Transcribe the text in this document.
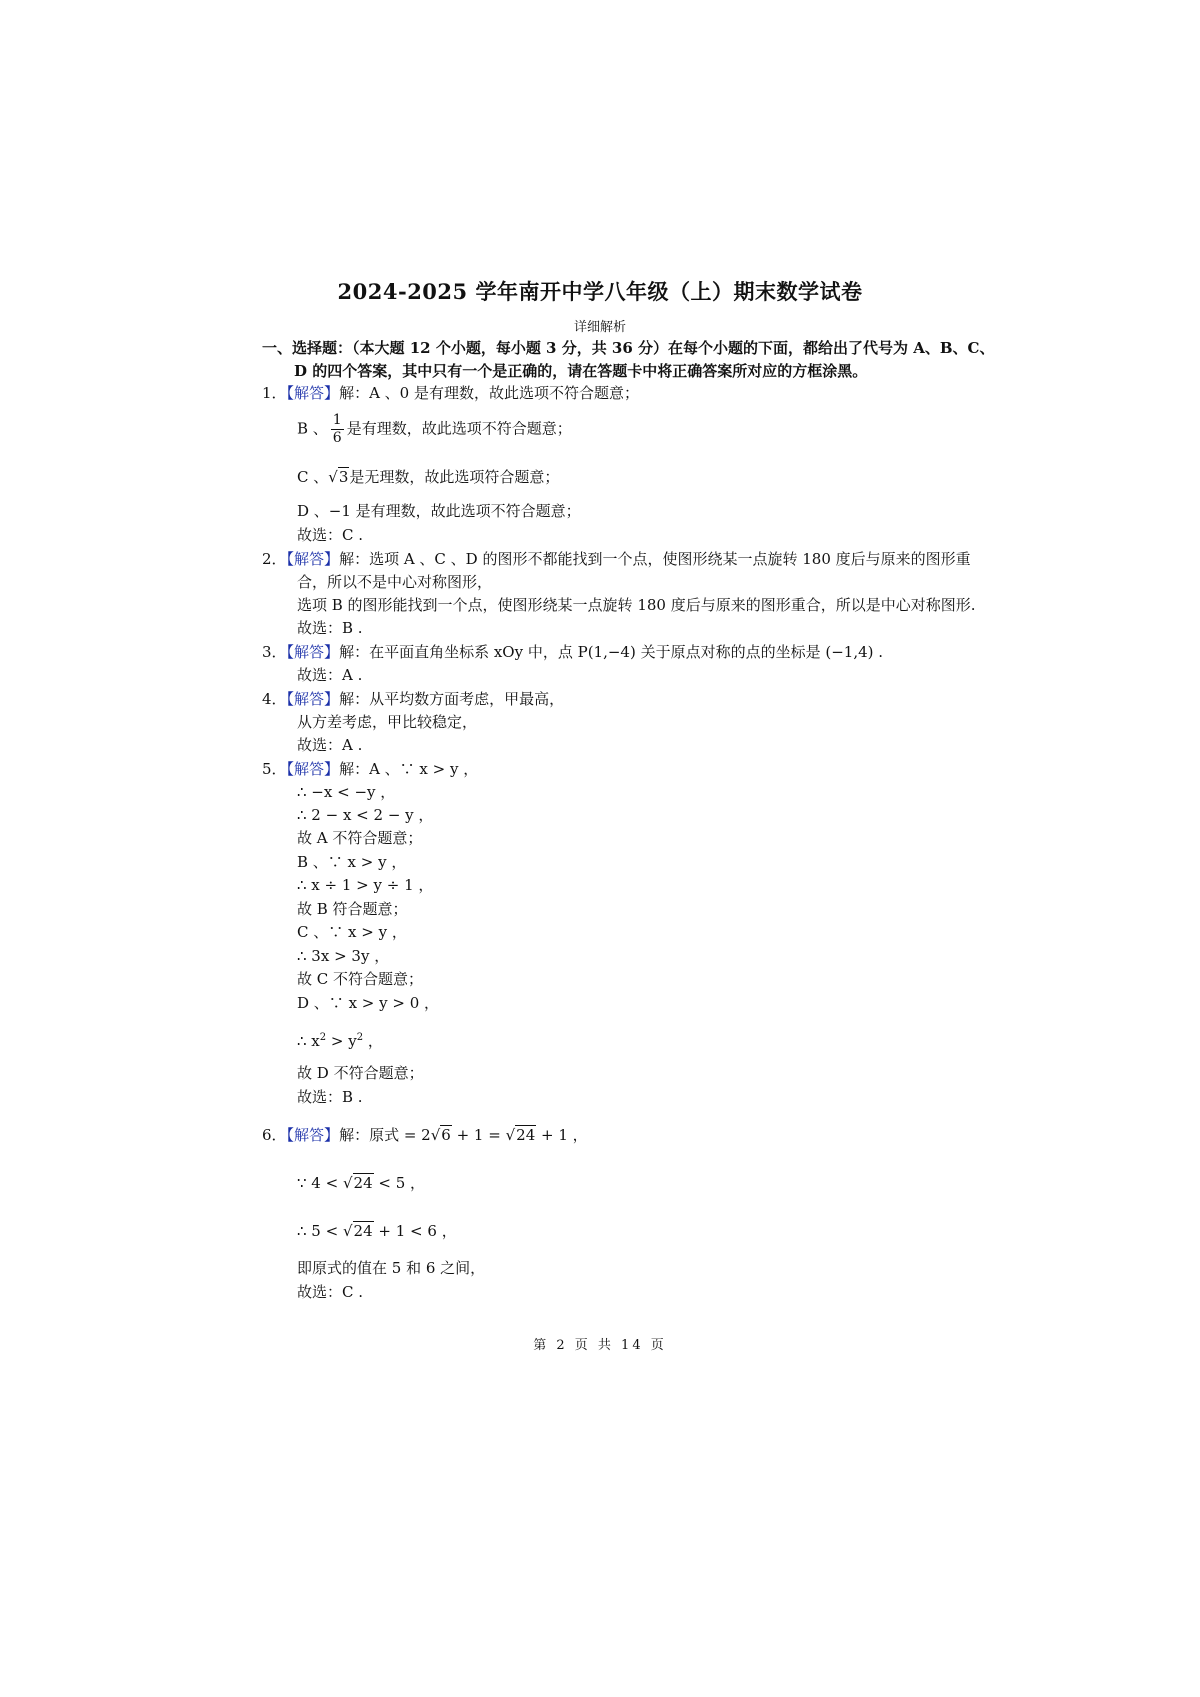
2024-2025 学年南开中学八年级（上）期末数学试卷
详细解析
一、选择题：（本大题 12 个小题，每小题 3 分，共 36 分）在每个小题的下面，都给出了代号为 A、B、C、
D 的四个答案，其中只有一个是正确的，请在答题卡中将正确答案所对应的方框涂黑。
1．【解答】解：A 、0 是有理数，故此选项不符合题意；
B 、 $\frac{1}{6}$ 是有理数，故此选项不符合题意；
C 、√3是无理数，故此选项符合题意；
D 、−1 是有理数，故此选项不符合题意；
故选：C .
2．【解答】解：选项 A 、C 、D 的图形不都能找到一个点，使图形绕某一点旋转 180 度后与原来的图形重
合，所以不是中心对称图形，
选项 B 的图形能找到一个点，使图形绕某一点旋转 180 度后与原来的图形重合，所以是中心对称图形.
故选：B .
3．【解答】解：在平面直角坐标系 xOy 中，点 P(1,−4) 关于原点对称的点的坐标是 (−1,4) .
故选：A .
4．【解答】解：从平均数方面考虑，甲最高，
从方差考虑，甲比较稳定，
故选：A .
5．【解答】解：A 、∵ x > y ，
∴ −x < −y ，
∴ 2 − x < 2 − y ，
故 A 不符合题意；
B 、∵ x > y ，
∴ x ÷ 1 > y ÷ 1 ，
故 B 符合题意；
C 、∵ x > y ，
∴ 3x > 3y ，
故 C 不符合题意；
D 、∵ x > y > 0 ，
∴ $x^2 > y^2$ ，
故 D 不符合题意；
故选：B .
6．【解答】解：原式 = 2√6 + 1 = √24 + 1 ，
∵ 4 < √24 < 5 ，
∴ 5 < √24 + 1 < 6 ，
即原式的值在 5 和 6 之间，
故选：C .
第 2 页 共 14 页
